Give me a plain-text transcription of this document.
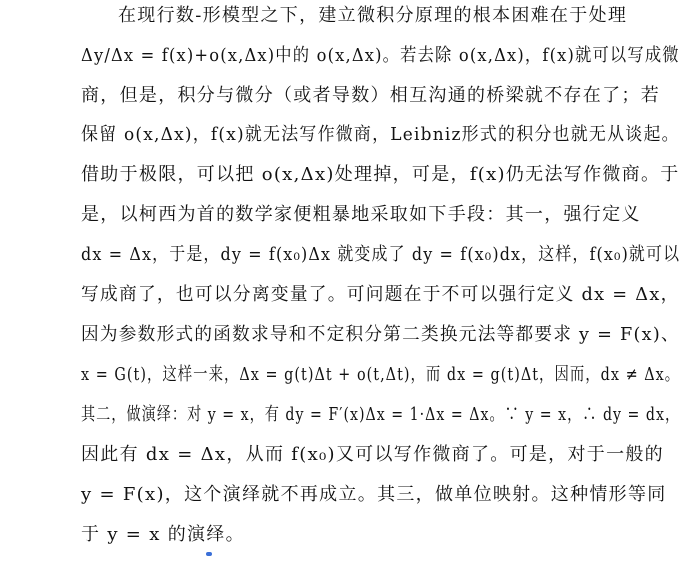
在现行数-形模型之下，建立微积分原理的根本困难在于处理
Δy/Δx = f(x)+o(x,Δx)中的 o(x,Δx)。若去除 o(x,Δx)，f(x)就可以写成微
商，但是，积分与微分（或者导数）相互沟通的桥梁就不存在了；若
保留 o(x,Δx)，f(x)就无法写作微商，Leibniz形式的积分也就无从谈起。
借助于极限，可以把 o(x,Δx)处理掉，可是，f(x)仍无法写作微商。于
是，以柯西为首的数学家便粗暴地采取如下手段：其一，强行定义
dx = Δx，于是，dy = f(x₀)Δx 就变成了 dy = f(x₀)dx，这样，f(x₀)就可以
写成商了，也可以分离变量了。可问题在于不可以强行定义 dx = Δx，
因为参数形式的函数求导和不定积分第二类换元法等都要求 y = F(x)、
x = G(t)，这样一来，Δx = g(t)Δt + o(t,Δt)，而 dx = g(t)Δt，因而，dx ≠ Δx。
其二，做演绎：对 y = x，有 dy = F′(x)Δx = 1·Δx = Δx。∵ y = x，∴ dy = dx，
因此有 dx = Δx，从而 f(x₀)又可以写作微商了。可是，对于一般的
y = F(x)，这个演绎就不再成立。其三，做单位映射。这种情形等同
于 y = x 的演绎。
